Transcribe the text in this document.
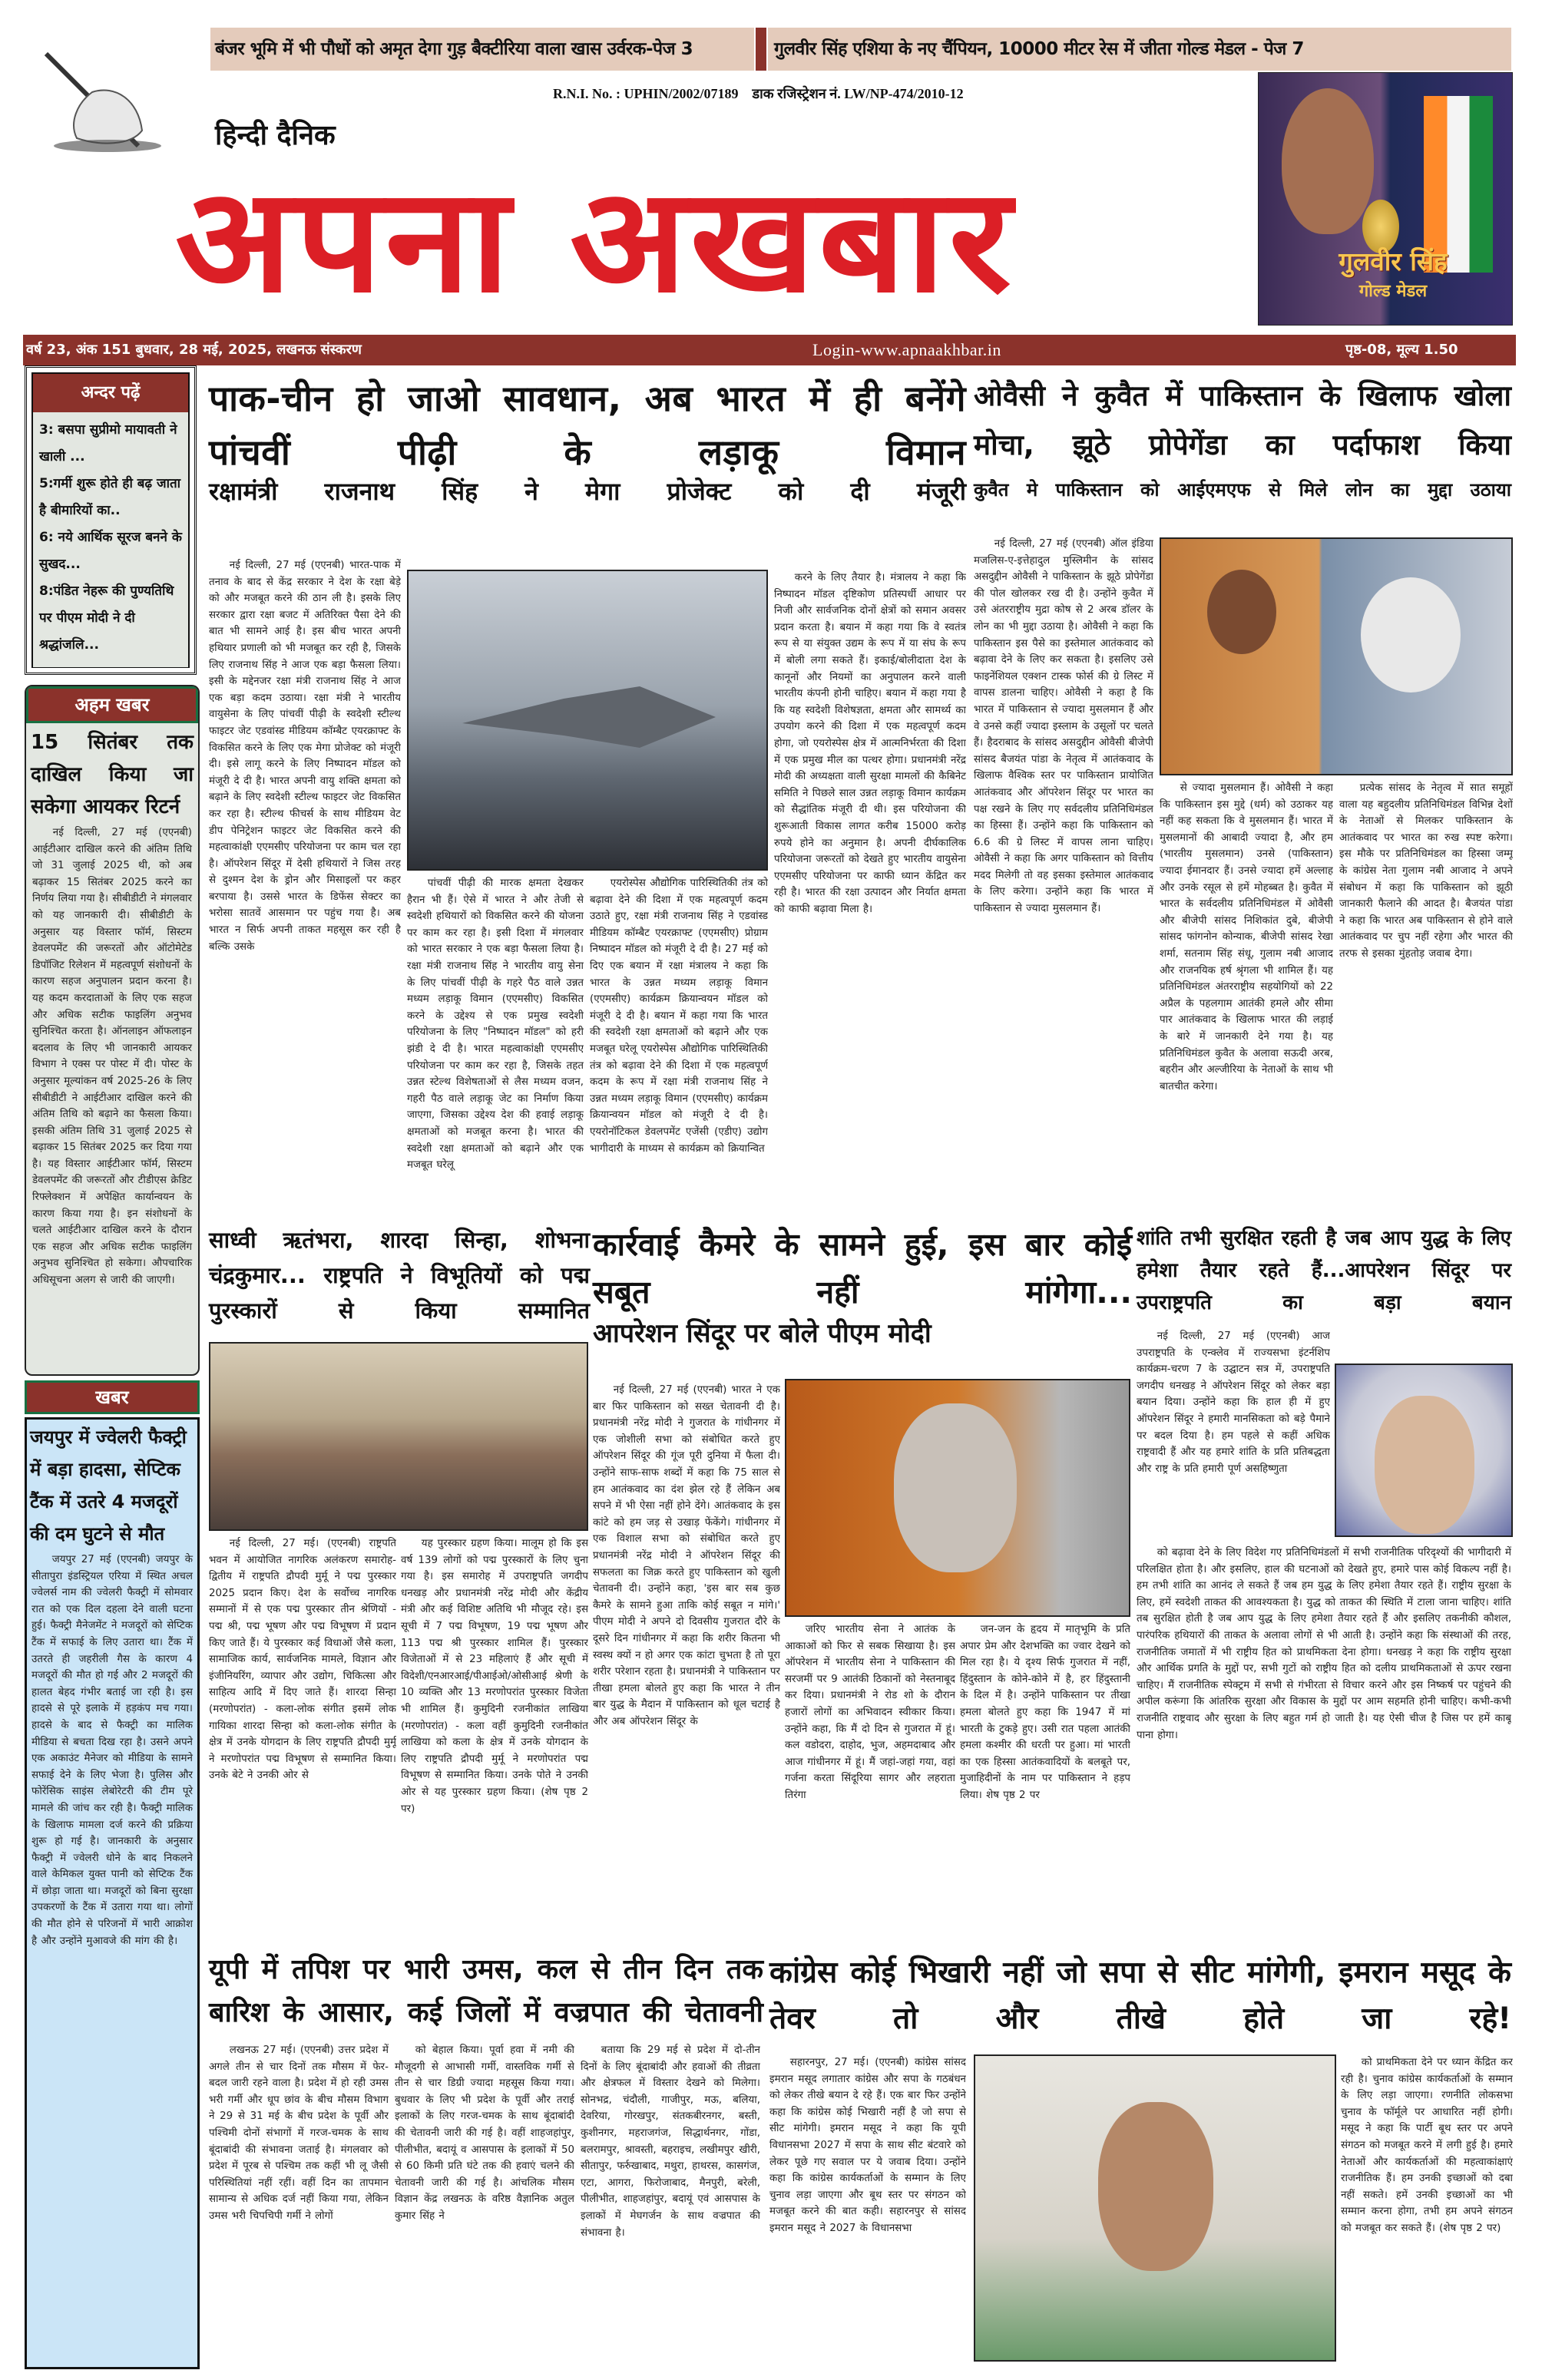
बंजर भूमि में भी पौधों को अमृत देगा गुड़ बैक्टीरिया वाला खास उर्वरक-पेज 3	गुलवीर सिंह एशिया के नए चैंपियन, 10000 मीटर रेस में जीता गोल्ड मेडल - पेज 7
R.N.I. No. : UPHIN/2002/07189 डाक रजिस्ट्रेशन नं. LW/NP-474/2010-12
हिन्दी दैनिक
अपना अखबार	गुलवीर सिंह
गोल्ड मेडल
वर्ष 23, अंक 151 बुधवार, 28 मई, 2025, लखनऊ संस्करण	Login-www.apnaakhbar.in	पृष्ठ-08, मूल्य 1.50
अन्दर पढ़ें
3: बसपा सुप्रीमो मायावती ने खाली ...
5:गर्मी शुरू होते ही बढ़ जाता है बीमारियों का..
6: नये आर्थिक सूरज बनने के सुखद...
8:पंडित नेहरू की पुण्यतिथि पर पीएम मोदी ने दी श्रद्धांजलि...
अहम खबर
15 सितंबर तक दाखिल किया जा सकेगा आयकर रिटर्न

नई दिल्ली, 27 मई (एएनबी) आईटीआर दाखिल करने की अंतिम तिथि जो 31 जुलाई 2025 थी, को अब बढ़ाकर 15 सितंबर 2025 करने का निर्णय लिया गया है। सीबीडीटी ने मंगलवार को यह जानकारी दी। सीबीडीटी के अनुसार यह विस्तार फॉर्म, सिस्टम डेवलपमेंट की जरूरतों और ऑटोमेटेड डिपॉजिट रिलेशन में महत्वपूर्ण संशोधनों के कारण सहज अनुपालन प्रदान करना है। यह कदम करदाताओं के लिए एक सहज और अधिक सटीक फाइलिंग अनुभव सुनिश्चित करता है। ऑनलाइन ऑफलाइन बदलाव के लिए भी जानकारी आयकर विभाग ने एक्स पर पोस्ट में दी। पोस्ट के अनुसार मूल्यांकन वर्ष 2025-26 के लिए सीबीडीटी ने आईटीआर दाखिल करने की अंतिम तिथि को बढ़ाने का फैसला किया। इसकी अंतिम तिथि 31 जुलाई 2025 से बढ़ाकर 15 सितंबर 2025 कर दिया गया है। यह विस्तार आईटीआर फॉर्म, सिस्टम डेवलपमेंट की जरूरतों और टीडीएस क्रेडिट रिफ्लेक्शन में अपेक्षित कार्यान्वयन के कारण किया गया है। इन संशोधनों के चलते आईटीआर दाखिल करने के दौरान एक सहज और अधिक सटीक फाइलिंग अनुभव सुनिश्चित हो सकेगा। औपचारिक अधिसूचना अलग से जारी की जाएगी।

खबर
जयपुर में ज्वेलरी फैक्ट्री में बड़ा हादसा, सेप्टिक टैंक में उतरे 4 मजदूरों की दम घुटने से मौत

जयपुर 27 मई (एएनबी) जयपुर के सीतापुरा इंडस्ट्रियल एरिया में स्थित अचल ज्वेलर्स नाम की ज्वेलरी फैक्ट्री में सोमवार रात को एक दिल दहला देने वाली घटना हुई। फैक्ट्री मैनेजमेंट ने मजदूरों को सेप्टिक टैंक में सफाई के लिए उतारा था। टैंक में उतरते ही जहरीली गैस के कारण 4 मजदूरों की मौत हो गई और 2 मजदूरों की हालत बेहद गंभीर बताई जा रही है। इस हादसे से पूरे इलाके में हड़कंप मच गया। हादसे के बाद से फैक्ट्री का मालिक मीडिया से बचता दिख रहा है। उसने अपने एक अकाउंट मैनेजर को मीडिया के सामने सफाई देने के लिए भेजा है। पुलिस और फोरेंसिक साइंस लेबोरेटरी की टीम पूरे मामले की जांच कर रही है। फैक्ट्री मालिक के खिलाफ मामला दर्ज करने की प्रक्रिया शुरू हो गई है। जानकारी के अनुसार फैक्ट्री में ज्वेलरी धोने के बाद निकलने वाले केमिकल युक्त पानी को सेप्टिक टैंक में छोड़ा जाता था। मजदूरों को बिना सुरक्षा उपकरणों के टैंक में उतारा गया था। लोगों की मौत होने से परिजनों में भारी आक्रोश है और उन्होंने मुआवजे की मांग की है।

पाक-चीन हो जाओ सावधान, अब भारत में ही बनेंगे पांचवीं पीढ़ी के लड़ाकू विमान
रक्षामंत्री राजनाथ सिंह ने मेगा प्रोजेक्ट को दी मंजूरी

नई दिल्ली, 27 मई (एएनबी) भारत-पाक में तनाव के बाद से केंद्र सरकार ने देश के रक्षा बेड़े को और मजबूत करने की ठान ली है। इसके लिए सरकार द्वारा रक्षा बजट में अतिरिक्त पैसा देने की बात भी सामने आई है। इस बीच भारत अपनी हथियार प्रणाली को भी मजबूत कर रही है, जिसके लिए राजनाथ सिंह ने आज एक बड़ा फैसला लिया। इसी के मद्देनजर रक्षा मंत्री राजनाथ सिंह ने आज एक बड़ा कदम उठाया। रक्षा मंत्री ने भारतीय वायुसेना के लिए पांचवीं पीढ़ी के स्वदेशी स्टील्थ फाइटर जेट एडवांस्ड मीडियम कॉम्बैट एयरक्राफ्ट के विकसित करने के लिए एक मेगा प्रोजेक्ट को मंजूरी दी। इसे लागू करने के लिए निष्पादन मॉडल को मंजूरी दे दी है। भारत अपनी वायु शक्ति क्षमता को बढ़ाने के लिए स्वदेशी स्टील्थ फाइटर जेट विकसित कर रहा है। स्टील्थ फीचर्स के साथ मीडियम वेट डीप पेनिट्रेशन फाइटर जेट विकसित करने की महत्वाकांक्षी एएमसीए परियोजना पर काम चल रहा है। ऑपरेशन सिंदूर में देसी हथियारों ने जिस तरह से दुश्मन देश के ड्रोन और मिसाइलों पर कहर बरपाया है। उससे भारत के डिफेंस सेक्टर का भरोसा सातवें आसमान पर पहुंच गया है। अब भारत न सिर्फ अपनी ताकत महसूस कर रही है बल्कि उसके

पांचवीं पीढ़ी की मारक क्षमता देखकर हैरान भी हैं। ऐसे में भारत ने और तेजी से स्वदेशी हथियारों को विकसित करने की योजना पर काम कर रहा है। इसी दिशा में मंगलवार को भारत सरकार ने एक बड़ा फैसला लिया है। रक्षा मंत्री राजनाथ सिंह ने भारतीय वायु सेना के लिए पांचवीं पीढ़ी के गहरे पैठ वाले उन्नत मध्यम लड़ाकू विमान (एएमसीए) विकसित करने के उद्देश्य से एक प्रमुख स्वदेशी परियोजना के लिए "निष्पादन मॉडल" को हरी झंडी दे दी है। भारत महत्वाकांक्षी एएमसीए परियोजना पर काम कर रहा है, जिसके तहत उन्नत स्टेल्थ विशेषताओं से लैस मध्यम वजन, गहरी पैठ वाले लड़ाकू जेट का निर्माण किया जाएगा, जिसका उद्देश्य देश की हवाई लड़ाकू क्षमताओं को मजबूत करना है। भारत की स्वदेशी रक्षा क्षमताओं को बढ़ाने और एक मजबूत घरेलू

एयरोस्पेस औद्योगिक पारिस्थितिकी तंत्र को बढ़ावा देने की दिशा में एक महत्वपूर्ण कदम उठाते हुए, रक्षा मंत्री राजनाथ सिंह ने एडवांस्ड मीडियम कॉम्बैट एयरक्राफ्ट (एएमसीए) प्रोग्राम निष्पादन मॉडल को मंजूरी दे दी है। 27 मई को दिए एक बयान में रक्षा मंत्रालय ने कहा कि भारत के उन्नत मध्यम लड़ाकू विमान (एएमसीए) कार्यक्रम क्रियान्वयन मॉडल को मंजूरी दे दी है। बयान में कहा गया कि भारत की स्वदेशी रक्षा क्षमताओं को बढ़ाने और एक मजबूत घरेलू एयरोस्पेस औद्योगिक पारिस्थितिकी तंत्र को बढ़ावा देने की दिशा में एक महत्वपूर्ण कदम के रूप में रक्षा मंत्री राजनाथ सिंह ने उन्नत मध्यम लड़ाकू विमान (एएमसीए) कार्यक्रम क्रियान्वयन मॉडल को मंजूरी दे दी है। एयरोनॉटिकल डेवलपमेंट एजेंसी (एडीए) उद्योग भागीदारी के माध्यम से कार्यक्रम को क्रियान्वित

करने के लिए तैयार है। मंत्रालय ने कहा कि निष्पादन मॉडल दृष्टिकोण प्रतिस्पर्धी आधार पर निजी और सार्वजनिक दोनों क्षेत्रों को समान अवसर प्रदान करता है। बयान में कहा गया कि वे स्वतंत्र रूप से या संयुक्त उद्यम के रूप में या संघ के रूप में बोली लगा सकते हैं। इकाई/बोलीदाता देश के कानूनों और नियमों का अनुपालन करने वाली भारतीय कंपनी होनी चाहिए। बयान में कहा गया है कि यह स्वदेशी विशेषज्ञता, क्षमता और सामर्थ्य का उपयोग करने की दिशा में एक महत्वपूर्ण कदम होगा, जो एयरोस्पेस क्षेत्र में आत्मनिर्भरता की दिशा में एक प्रमुख मील का पत्थर होगा। प्रधानमंत्री नरेंद्र मोदी की अध्यक्षता वाली सुरक्षा मामलों की कैबिनेट समिति ने पिछले साल उन्नत लड़ाकू विमान कार्यक्रम को सैद्धांतिक मंजूरी दी थी। इस परियोजना की शुरूआती विकास लागत करीब 15000 करोड़ रुपये होने का अनुमान है। अपनी दीर्घकालिक परियोजना जरूरतों को देखते हुए भारतीय वायुसेना एएमसीए परियोजना पर काफी ध्यान केंद्रित कर रही है। भारत की रक्षा उत्पादन और निर्यात क्षमता को काफी बढ़ावा मिला है।

ओवैसी ने कुवैत में पाकिस्तान के खिलाफ खोला मोचा, झूठे प्रोपेगेंडा का पर्दाफाश किया
कुवैत मे पाकिस्तान को आईएमएफ से मिले लोन का मुद्दा उठाया

नई दिल्ली, 27 मई (एएनबी) ऑल इंडिया मजलिस-ए-इत्तेहादुल मुस्लिमीन के सांसद असदुद्दीन ओवैसी ने पाकिस्तान के झूठे प्रोपेगेंडा की पोल खोलकर रख दी है। उन्होंने कुवैत में उसे अंतरराष्ट्रीय मुद्रा कोष से 2 अरब डॉलर के लोन का भी मुद्दा उठाया है। ओवैसी ने कहा कि पाकिस्तान इस पैसे का इस्तेमाल आतंकवाद को बढ़ावा देने के लिए कर सकता है। इसलिए उसे फाइनेंशियल एक्शन टास्क फोर्स की ग्रे लिस्ट में वापस डालना चाहिए। ओवैसी ने कहा है कि भारत में पाकिस्तान से ज्यादा मुसलमान हैं और वे उनसे कहीं ज्यादा इस्लाम के उसूलों पर चलते हैं। हैदराबाद के सांसद असदुद्दीन ओवैसी बीजेपी सांसद बैजयंत पांडा के नेतृत्व में आतंकवाद के खिलाफ वैश्विक स्तर पर पाकिस्तान प्रायोजित आतंकवाद और ऑपरेशन सिंदूर पर भारत का पक्ष रखने के लिए गए सर्वदलीय प्रतिनिधिमंडल का हिस्सा हैं। उन्होंने कहा कि पाकिस्तान को 6.6 की ग्रे लिस्ट में वापस लाना चाहिए। ओवैसी ने कहा कि अगर पाकिस्तान को वित्तीय मदद मिलेगी तो वह इसका इस्तेमाल आतंकवाद के लिए करेगा। उन्होंने कहा कि भारत में पाकिस्तान से ज्यादा मुसलमान हैं।

से ज्यादा मुसलमान हैं। ओवैसी ने कहा कि पाकिस्तान इस मुद्दे (धर्म) को उठाकर यह नहीं कह सकता कि वे मुसलमान हैं। भारत में मुसलमानों की आबादी ज्यादा है, और हम (भारतीय मुसलमान) उनसे (पाकिस्तान) ज्यादा ईमानदार हैं। उनसे ज्यादा हमें अल्लाह और उनके रसूल से हमें मोहब्बत है। कुवैत में भारत के सर्वदलीय प्रतिनिधिमंडल में ओवैसी और बीजेपी सांसद निशिकांत दुबे, बीजेपी सांसद फांगनोन कोन्याक, बीजेपी सांसद रेखा शर्मा, सतनाम सिंह संधू, गुलाम नबी आजाद और राजनयिक हर्ष श्रृंगला भी शामिल हैं। यह प्रतिनिधिमंडल अंतरराष्ट्रीय सहयोगियों को 22 अप्रैल के पहलगाम आतंकी हमले और सीमा पार आतंकवाद के खिलाफ भारत की लड़ाई के बारे में जानकारी देने गया है। यह प्रतिनिधिमंडल कुवैत के अलावा सऊदी अरब, बहरीन और अल्जीरिया के नेताओं के साथ भी बातचीत करेगा।

प्रत्येक सांसद के नेतृत्व में सात समूहों वाला यह बहुदलीय प्रतिनिधिमंडल विभिन्न देशों के नेताओं से मिलकर पाकिस्तान के आतंकवाद पर भारत का रुख स्पष्ट करेगा। इस मौके पर प्रतिनिधिमंडल का हिस्सा जम्मू के कांग्रेस नेता गुलाम नबी आजाद ने अपने संबोधन में कहा कि पाकिस्तान को झूठी जानकारी फैलाने की आदत है। बैजयंत पांडा ने कहा कि भारत अब पाकिस्तान से होने वाले आतंकवाद पर चुप नहीं रहेगा और भारत की तरफ से इसका मुंहतोड़ जवाब देगा।

साध्वी ऋतंभरा, शारदा सिन्हा, शोभना चंद्रकुमार... राष्ट्रपति ने विभूतियों को पद्म पुरस्कारों से किया सम्मानित

नई दिल्ली, 27 मई। (एएनबी) राष्ट्रपति भवन में आयोजित नागरिक अलंकरण समारोह-द्वितीय में राष्ट्रपति द्रौपदी मुर्मू ने पद्म पुरस्कार 2025 प्रदान किए। देश के सर्वोच्च नागरिक सम्मानों में से एक पद्म पुरस्कार तीन श्रेणियों - पद्म श्री, पद्म भूषण और पद्म विभूषण में प्रदान किए जाते हैं। ये पुरस्कार कई विधाओं जैसे कला, सामाजिक कार्य, सार्वजनिक मामले, विज्ञान और इंजीनियरिंग, व्यापार और उद्योग, चिकित्सा और साहित्य आदि में दिए जाते हैं। शारदा सिन्हा (मरणोपरांत) - कला-लोक संगीत इसमें लोक गायिका शारदा सिन्हा को कला-लोक संगीत के क्षेत्र में उनके योगदान के लिए राष्ट्रपति द्रौपदी मुर्मू ने मरणोपरांत पद्म विभूषण से सम्मानित किया। उनके बेटे ने उनकी ओर से

यह पुरस्कार ग्रहण किया। मालूम हो कि इस वर्ष 139 लोगों को पद्म पुरस्कारों के लिए चुना गया है। इस समारोह में उपराष्ट्रपति जगदीप धनखड़ और प्रधानमंत्री नरेंद्र मोदी और केंद्रीय मंत्री और कई विशिष्ट अतिथि भी मौजूद रहे। इस सूची में 7 पद्म विभूषण, 19 पद्म भूषण और 113 पद्म श्री पुरस्कार शामिल हैं। पुरस्कार विजेताओं में से 23 महिलाएं हैं और सूची में विदेशी/एनआरआई/पीआईओ/ओसीआई श्रेणी के 10 व्यक्ति और 13 मरणोपरांत पुरस्कार विजेता भी शामिल हैं। कुमुदिनी रजनीकांत लाखिया (मरणोपरांत) - कला वहीं कुमुदिनी रजनीकांत लाखिया को कला के क्षेत्र में उनके योगदान के लिए राष्ट्रपति द्रौपदी मुर्मू ने मरणोपरांत पद्म विभूषण से सम्मानित किया। उनके पोते ने उनकी ओर से यह पुरस्कार ग्रहण किया। (शेष पृष्ठ 2 पर)

कार्रवाई कैमरे के सामने हुई, इस बार कोई सबूत नहीं मांगेगा...
आपरेशन सिंदूर पर बोले पीएम मोदी

नई दिल्ली, 27 मई (एएनबी) भारत ने एक बार फिर पाकिस्तान को सख्त चेतावनी दी है। प्रधानमंत्री नरेंद्र मोदी ने गुजरात के गांधीनगर में एक जोशीली सभा को संबोधित करते हुए ऑपरेशन सिंदूर की गूंज पूरी दुनिया में फैला दी। उन्होंने साफ-साफ शब्दों में कहा कि 75 साल से हम आतंकवाद का दंश झेल रहे हैं लेकिन अब सपने में भी ऐसा नहीं होने देंगे। आतंकवाद के इस कांटे को हम जड़ से उखाड़ फेंकेंगे। गांधीनगर में एक विशाल सभा को संबोधित करते हुए प्रधानमंत्री नरेंद्र मोदी ने ऑपरेशन सिंदूर की सफलता का जिक्र करते हुए पाकिस्तान को खुली चेतावनी दी। उन्होंने कहा, 'इस बार सब कुछ कैमरे के सामने हुआ ताकि कोई सबूत न मांगे।' पीएम मोदी ने अपने दो दिवसीय गुजरात दौरे के दूसरे दिन गांधीनगर में कहा कि शरीर कितना भी स्वस्थ क्यों न हो अगर एक कांटा चुभता है तो पूरा शरीर परेशान रहता है। प्रधानमंत्री ने पाकिस्तान पर तीखा हमला बोलते हुए कहा कि भारत ने तीन बार युद्ध के मैदान में पाकिस्तान को धूल चटाई है और अब ऑपरेशन सिंदूर के

जरिए भारतीय सेना ने आतंक के आकाओं को फिर से सबक सिखाया है। इस ऑपरेशन में भारतीय सेना ने पाकिस्तान की सरजमीं पर 9 आतंकी ठिकानों को नेस्तनाबूद कर दिया। प्रधानमंत्री ने रोड शो के दौरान हजारों लोगों का अभिवादन स्वीकार किया। उन्होंने कहा, कि मैं दो दिन से गुजरात में हूं। कल वडोदरा, दाहोद, भुज, अहमदाबाद और आज गांधीनगर में हूं। मैं जहां-जहां गया, वहां गर्जना करता सिंदूरिया सागर और लहराता तिरंगा

जन-जन के हृदय में मातृभूमि के प्रति अपार प्रेम और देशभक्ति का ज्वार देखने को मिल रहा है। ये दृश्य सिर्फ गुजरात में नहीं, हिंदुस्तान के कोने-कोने में है, हर हिंदुस्तानी के दिल में है। उन्होंने पाकिस्तान पर तीखा हमला बोलते हुए कहा कि 1947 में मां भारती के टुकड़े हुए। उसी रात पहला आतंकी हमला कश्मीर की धरती पर हुआ। मां भारती का एक हिस्सा आतंकवादियों के बलबूते पर, मुजाहिदीनों के नाम पर पाकिस्तान ने हड़प लिया। शेष पृष्ठ 2 पर

शांति तभी सुरक्षित रहती है जब आप युद्ध के लिए हमेशा तैयार रहते हैं...आपरेशन सिंदूर पर उपराष्ट्रपति का बड़ा बयान

नई दिल्ली, 27 मई (एएनबी) आज उपराष्ट्रपति के एन्क्लेव में राज्यसभा इंटर्नशिप कार्यक्रम-चरण 7 के उद्घाटन सत्र में, उपराष्ट्रपति जगदीप धनखड़ ने ऑपरेशन सिंदूर को लेकर बड़ा बयान दिया। उन्होंने कहा कि हाल ही में हुए ऑपरेशन सिंदूर ने हमारी मानसिकता को बड़े पैमाने पर बदल दिया है। हम पहले से कहीं अधिक राष्ट्रवादी हैं और यह हमारे शांति के प्रति प्रतिबद्धता और राष्ट्र के प्रति हमारी पूर्ण असहिष्णुता

को बढ़ावा देने के लिए विदेश गए प्रतिनिधिमंडलों में सभी राजनीतिक परिदृश्यों की भागीदारी में परिलक्षित होता है। और इसलिए, हाल की घटनाओं को देखते हुए, हमारे पास कोई विकल्प नहीं है। हम तभी शांति का आनंद ले सकते हैं जब हम युद्ध के लिए हमेशा तैयार रहते हैं। राष्ट्रीय सुरक्षा के लिए, हमें स्वदेशी ताकत की आवश्यकता है। युद्ध को ताकत की स्थिति में टाला जाना चाहिए। शांति तब सुरक्षित होती है जब आप युद्ध के लिए हमेशा तैयार रहते हैं और इसलिए तकनीकी कौशल, पारंपरिक हथियारों की ताकत के अलावा लोगों से भी आती है। उन्होंने कहा कि संस्थाओं की तरह, राजनीतिक जमातों में भी राष्ट्रीय हित को प्राथमिकता देना होगा। धनखड़ ने कहा कि राष्ट्रीय सुरक्षा और आर्थिक प्रगति के मुद्दों पर, सभी गुटों को राष्ट्रीय हित को दलीय प्राथमिकताओं से ऊपर रखना चाहिए। मैं राजनीतिक स्पेक्ट्रम में सभी से गंभीरता से विचार करने और इस निष्कर्ष पर पहुंचने की अपील करूंगा कि आंतरिक सुरक्षा और विकास के मुद्दों पर आम सहमति होनी चाहिए। कभी-कभी राजनीति राष्ट्रवाद और सुरक्षा के लिए बहुत गर्म हो जाती है। यह ऐसी चीज है जिस पर हमें काबू पाना होगा।

यूपी में तपिश पर भारी उमस, कल से तीन दिन तक बारिश के आसार, कई जिलों में वज्रपात की चेतावनी

लखनऊ 27 मई। (एएनबी) उत्तर प्रदेश में अगले तीन से चार दिनों तक मौसम में फेर-बदल जारी रहने वाला है। प्रदेश में हो रही उमस भरी गर्मी और धूप छांव के बीच मौसम विभाग ने 29 से 31 मई के बीच प्रदेश के पूर्वी और पश्चिमी दोनों संभागों में गरज-चमक के साथ बूंदाबांदी की संभावना जताई है। मंगलवार को प्रदेश में पूरब से पश्चिम तक कहीं भी लू जैसी परिस्थितियां नहीं रहीं। वहीं दिन का तापमान सामान्य से अधिक दर्ज नहीं किया गया, लेकिन उमस भरी चिपचिपी गर्मी ने लोगों

को बेहाल किया। पूर्वा हवा में नमी की मौजूदगी से आभासी गर्मी, वास्तविक गर्मी से तीन से चार डिग्री ज्यादा महसूस किया गया। बुधवार के लिए भी प्रदेश के पूर्वी और तराई इलाकों के लिए गरज-चमक के साथ बूंदाबांदी की चेतावनी जारी की गई है। वहीं शाहजहांपुर, पीलीभीत, बदायूं व आसपास के इलाकों में 50 से 60 किमी प्रति घंटे तक की हवाएं चलने की चेतावनी जारी की गई है। आंचलिक मौसम विज्ञान केंद्र लखनऊ के वरिष्ठ वैज्ञानिक अतुल कुमार सिंह ने

बताया कि 29 मई से प्रदेश में दो-तीन दिनों के लिए बूंदाबांदी और हवाओं की तीव्रता और क्षेत्रफल में विस्तार देखने को मिलेगा। सोनभद्र, चंदौली, गाजीपुर, मऊ, बलिया, देवरिया, गोरखपुर, संतकबीरनगर, बस्ती, कुशीनगर, महराजगंज, सिद्धार्थनगर, गोंडा, बलरामपुर, श्रावस्ती, बहराइच, लखीमपुर खीरी, सीतापुर, फर्रुखाबाद, मथुरा, हाथरस, कासगंज, एटा, आगरा, फिरोजाबाद, मैनपुरी, बरेली, पीलीभीत, शाहजहांपुर, बदायूं एवं आसपास के इलाकों में मेघगर्जन के साथ वज्रपात की संभावना है।

कांग्रेस कोई भिखारी नहीं जो सपा से सीट मांगेगी, इमरान मसूद के तेवर तो और तीखे होते जा रहे!

सहारनपुर, 27 मई। (एएनबी) कांग्रेस सांसद इमरान मसूद लगातार कांग्रेस और सपा के गठबंधन को लेकर तीखे बयान दे रहे हैं। एक बार फिर उन्होंने कहा कि कांग्रेस कोई भिखारी नहीं है जो सपा से सीट मांगेगी। इमरान मसूद ने कहा कि यूपी विधानसभा 2027 में सपा के साथ सीट बंटवारे को लेकर पूछे गए सवाल पर ये जवाब दिया। उन्होंने कहा कि कांग्रेस कार्यकर्ताओं के सम्मान के लिए चुनाव लड़ा जाएगा और बूथ स्तर पर संगठन को मजबूत करने की बात कही। सहारनपुर से सांसद इमरान मसूद ने 2027 के विधानसभा

को प्राथमिकता देने पर ध्यान केंद्रित कर रही है। चुनाव कांग्रेस कार्यकर्ताओं के सम्मान के लिए लड़ा जाएगा। रणनीति लोकसभा चुनाव के फॉर्मूले पर आधारित नहीं होगी। मसूद ने कहा कि पार्टी बूथ स्तर पर अपने संगठन को मजबूत करने में लगी हुई है। हमारे नेताओं और कार्यकर्ताओं की महत्वाकांक्षाएं राजनीतिक हैं। हम उनकी इच्छाओं को दबा नहीं सकते। हमें उनकी इच्छाओं का भी सम्मान करना होगा, तभी हम अपने संगठन को मजबूत कर सकते हैं। (शेष पृष्ठ 2 पर)
